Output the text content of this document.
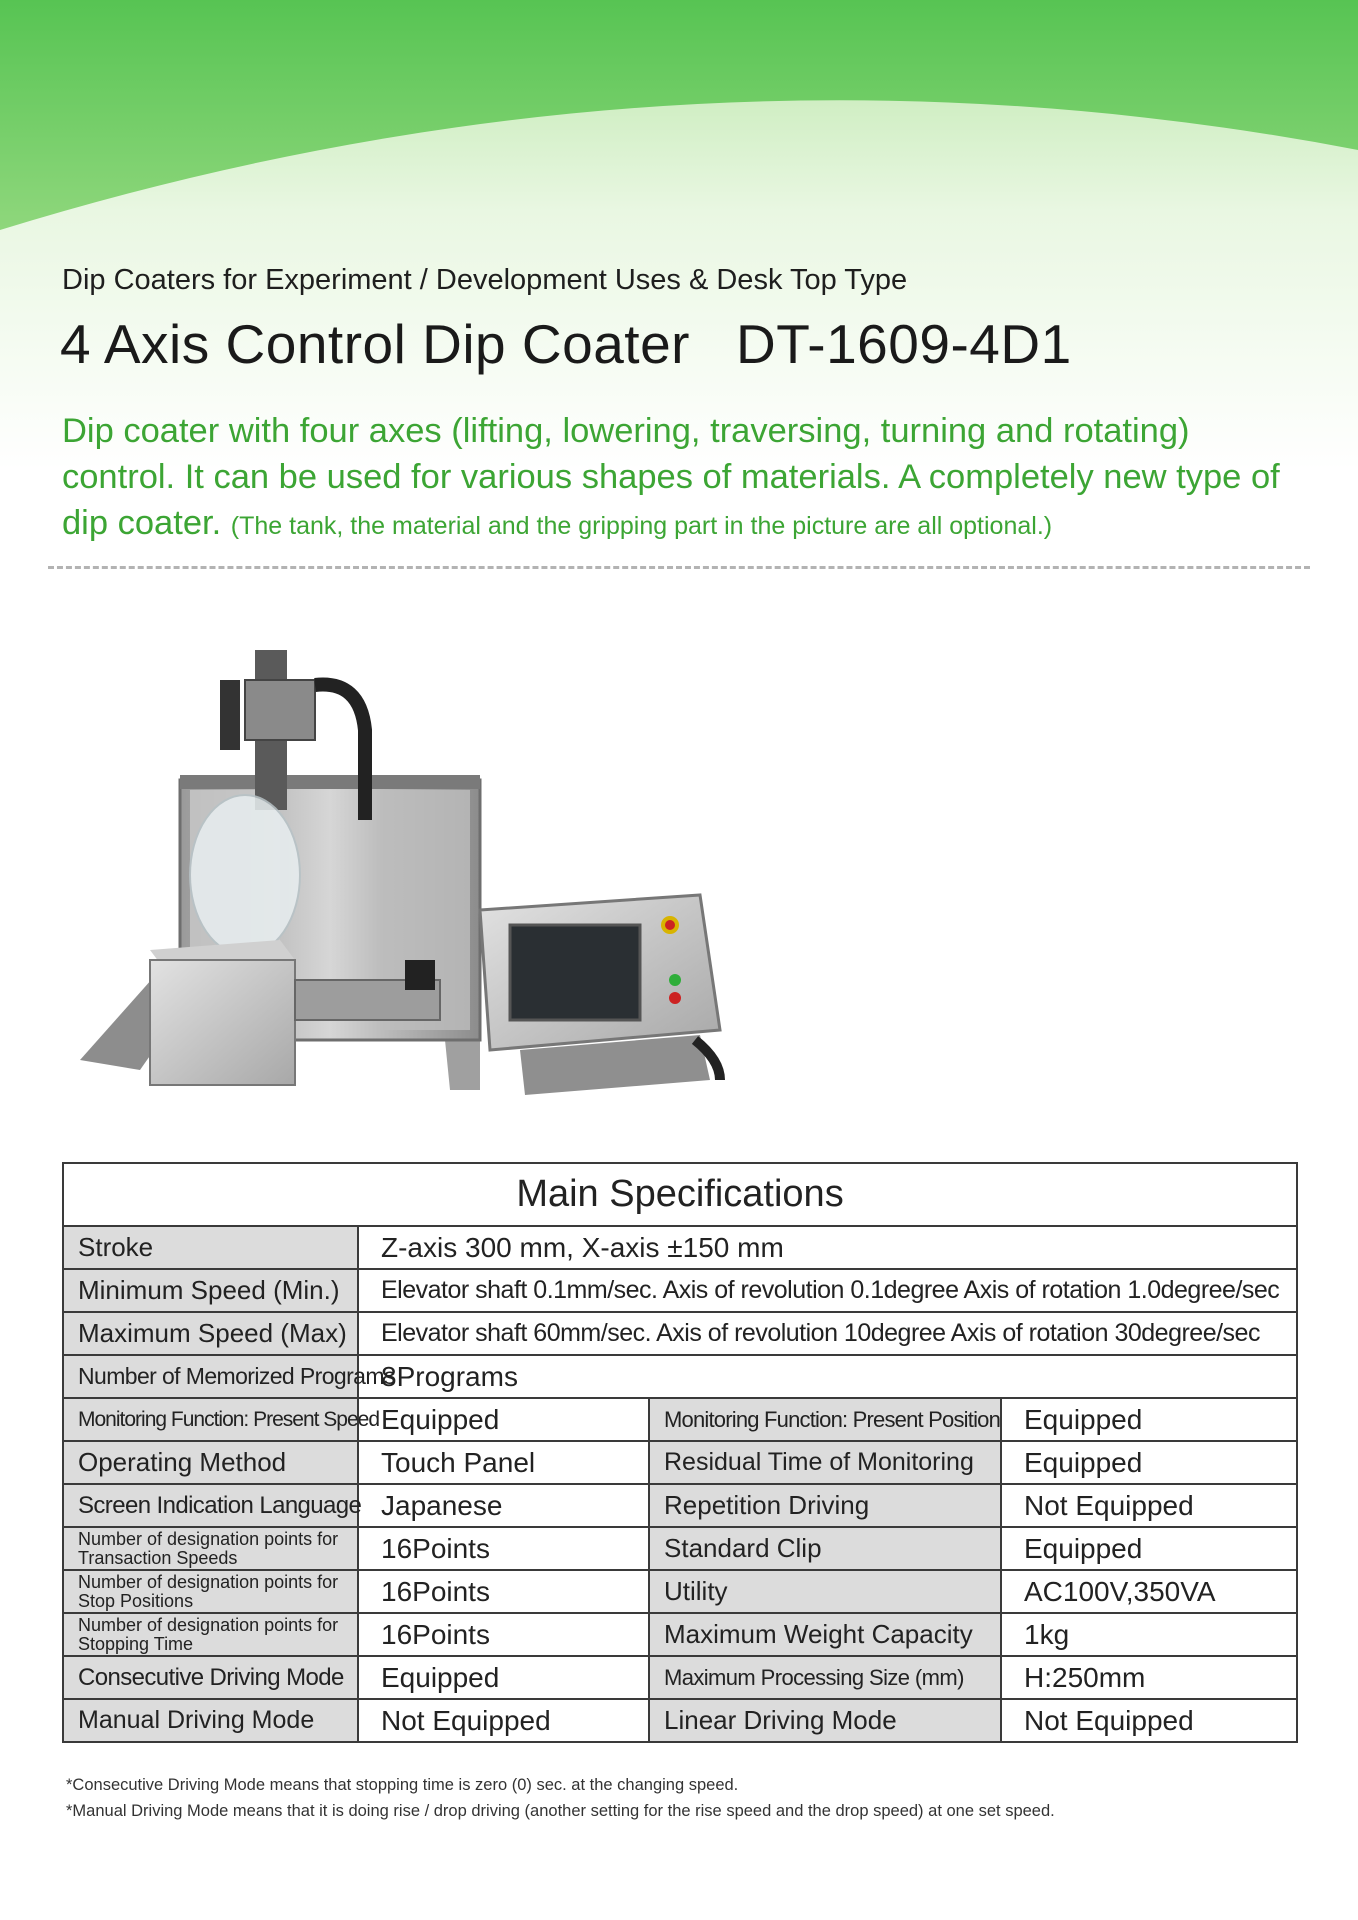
Dip Coaters for Experiment / Development Uses & Desk Top Type
4 Axis Control Dip Coater DT-1609-4D1
Dip coater with four axes (lifting, lowering, traversing, turning and rotating) control. It can be used for various shapes of materials. A completely new type of dip coater. (The tank, the material and the gripping part in the picture are all optional.)
Main Specifications			
Stroke	Z-axis 300 mm, X-axis ±150 mm		
Minimum Speed (Min.)	Elevator shaft 0.1mm/sec. Axis of revolution 0.1degree Axis of rotation 1.0degree/sec		
Maximum Speed (Max)	Elevator shaft 60mm/sec. Axis of revolution 10degree Axis of rotation 30degree/sec		
Number of Memorized Programs	8Programs		
Monitoring Function: Present Speed	Equipped	Monitoring Function: Present Position	Equipped
Operating Method	Touch Panel	Residual Time of Monitoring	Equipped
Screen Indication Language	Japanese	Repetition Driving	Not Equipped
Number of designation points for Transaction Speeds	16Points	Standard Clip	Equipped
Number of designation points for Stop Positions	16Points	Utility	AC100V,350VA
Number of designation points for Stopping Time	16Points	Maximum Weight Capacity	1kg
Consecutive Driving Mode	Equipped	Maximum Processing Size (mm)	H:250mm
Manual Driving Mode	Not Equipped	Linear Driving Mode	Not Equipped
*Consecutive Driving Mode means that stopping time is zero (0) sec. at the changing speed.
*Manual Driving Mode means that it is doing rise / drop driving (another setting for the rise speed and the drop speed) at one set speed.
